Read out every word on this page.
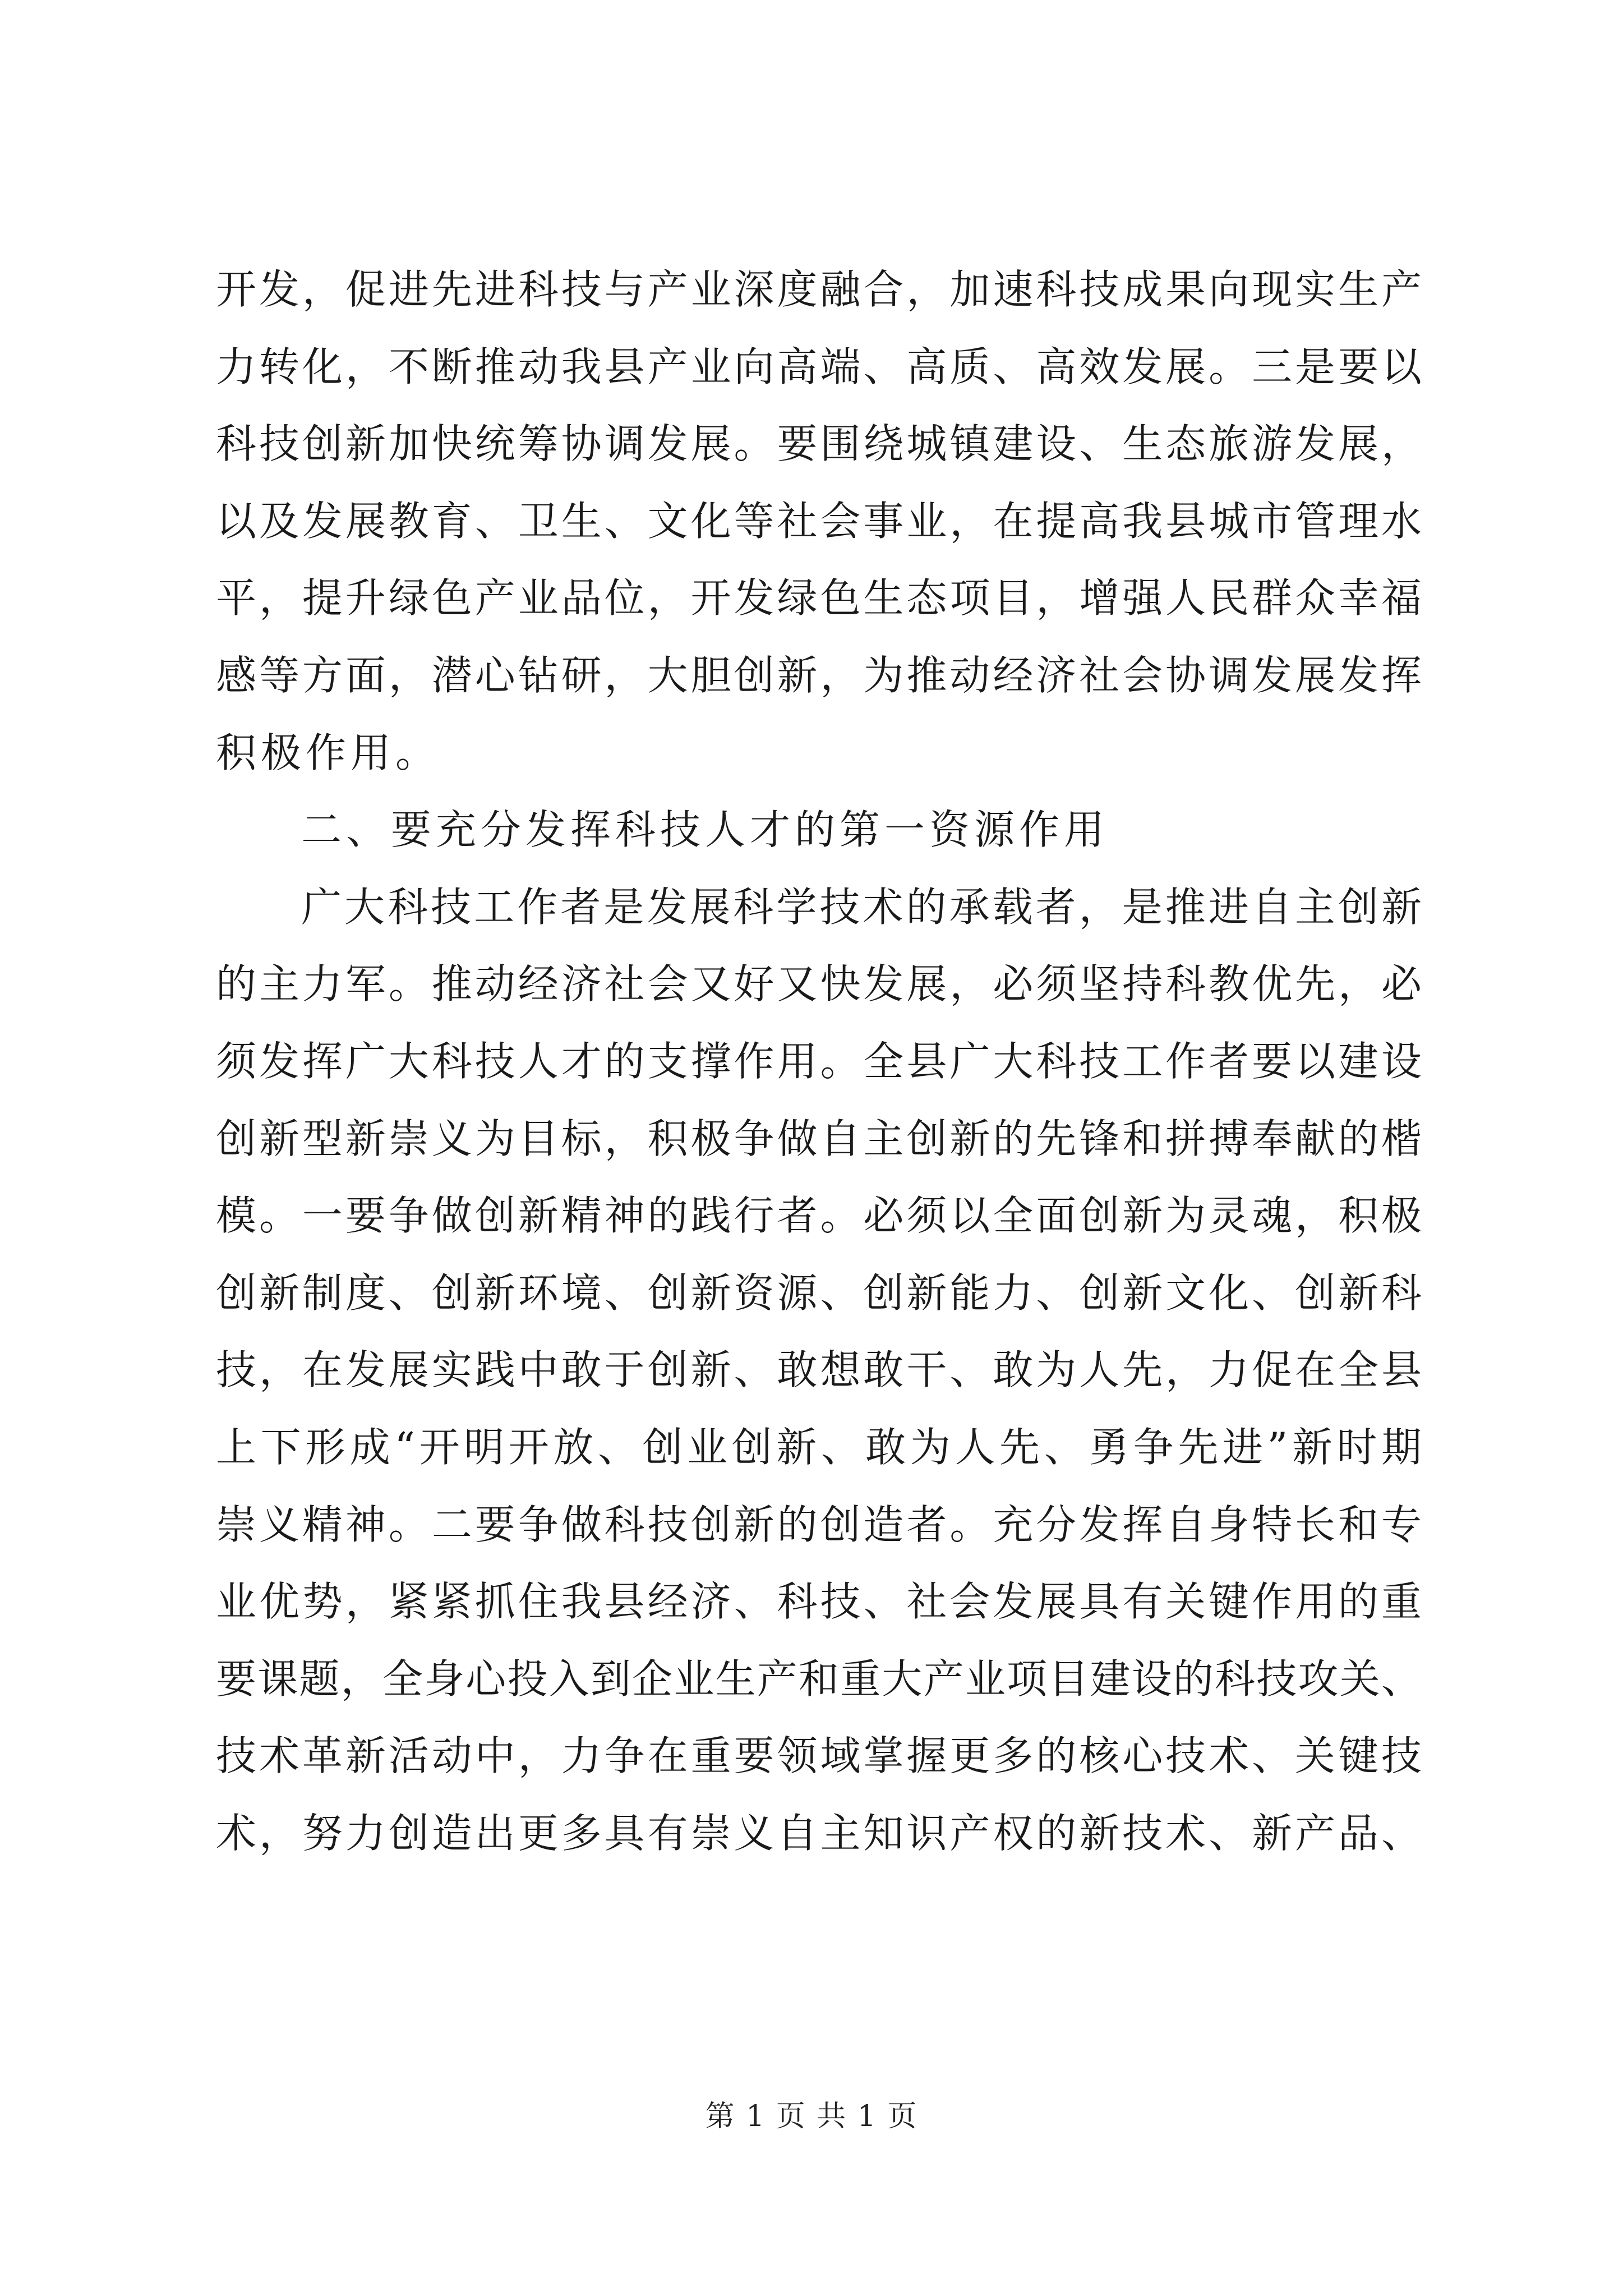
开发，促进先进科技与产业深度融合，加速科技成果向现实生产
力转化，不断推动我县产业向高端、高质、高效发展。三是要以
科技创新加快统筹协调发展。要围绕城镇建设、生态旅游发展，
以及发展教育、卫生、文化等社会事业，在提高我县城市管理水
平，提升绿色产业品位，开发绿色生态项目，增强人民群众幸福
感等方面，潜心钻研，大胆创新，为推动经济社会协调发展发挥
积极作用。
二、要充分发挥科技人才的第一资源作用
广大科技工作者是发展科学技术的承载者，是推进自主创新
的主力军。推动经济社会又好又快发展，必须坚持科教优先，必
须发挥广大科技人才的支撑作用。全县广大科技工作者要以建设
创新型新崇义为目标，积极争做自主创新的先锋和拼搏奉献的楷
模。一要争做创新精神的践行者。必须以全面创新为灵魂，积极
创新制度、创新环境、创新资源、创新能力、创新文化、创新科
技，在发展实践中敢于创新、敢想敢干、敢为人先，力促在全县
上下形成“开明开放、创业创新、敢为人先、勇争先进”新时期
崇义精神。二要争做科技创新的创造者。充分发挥自身特长和专
业优势，紧紧抓住我县经济、科技、社会发展具有关键作用的重
要课题，全身心投入到企业生产和重大产业项目建设的科技攻关、
技术革新活动中，力争在重要领域掌握更多的核心技术、关键技
术，努力创造出更多具有崇义自主知识产权的新技术、新产品、
第 1 页 共 1 页
